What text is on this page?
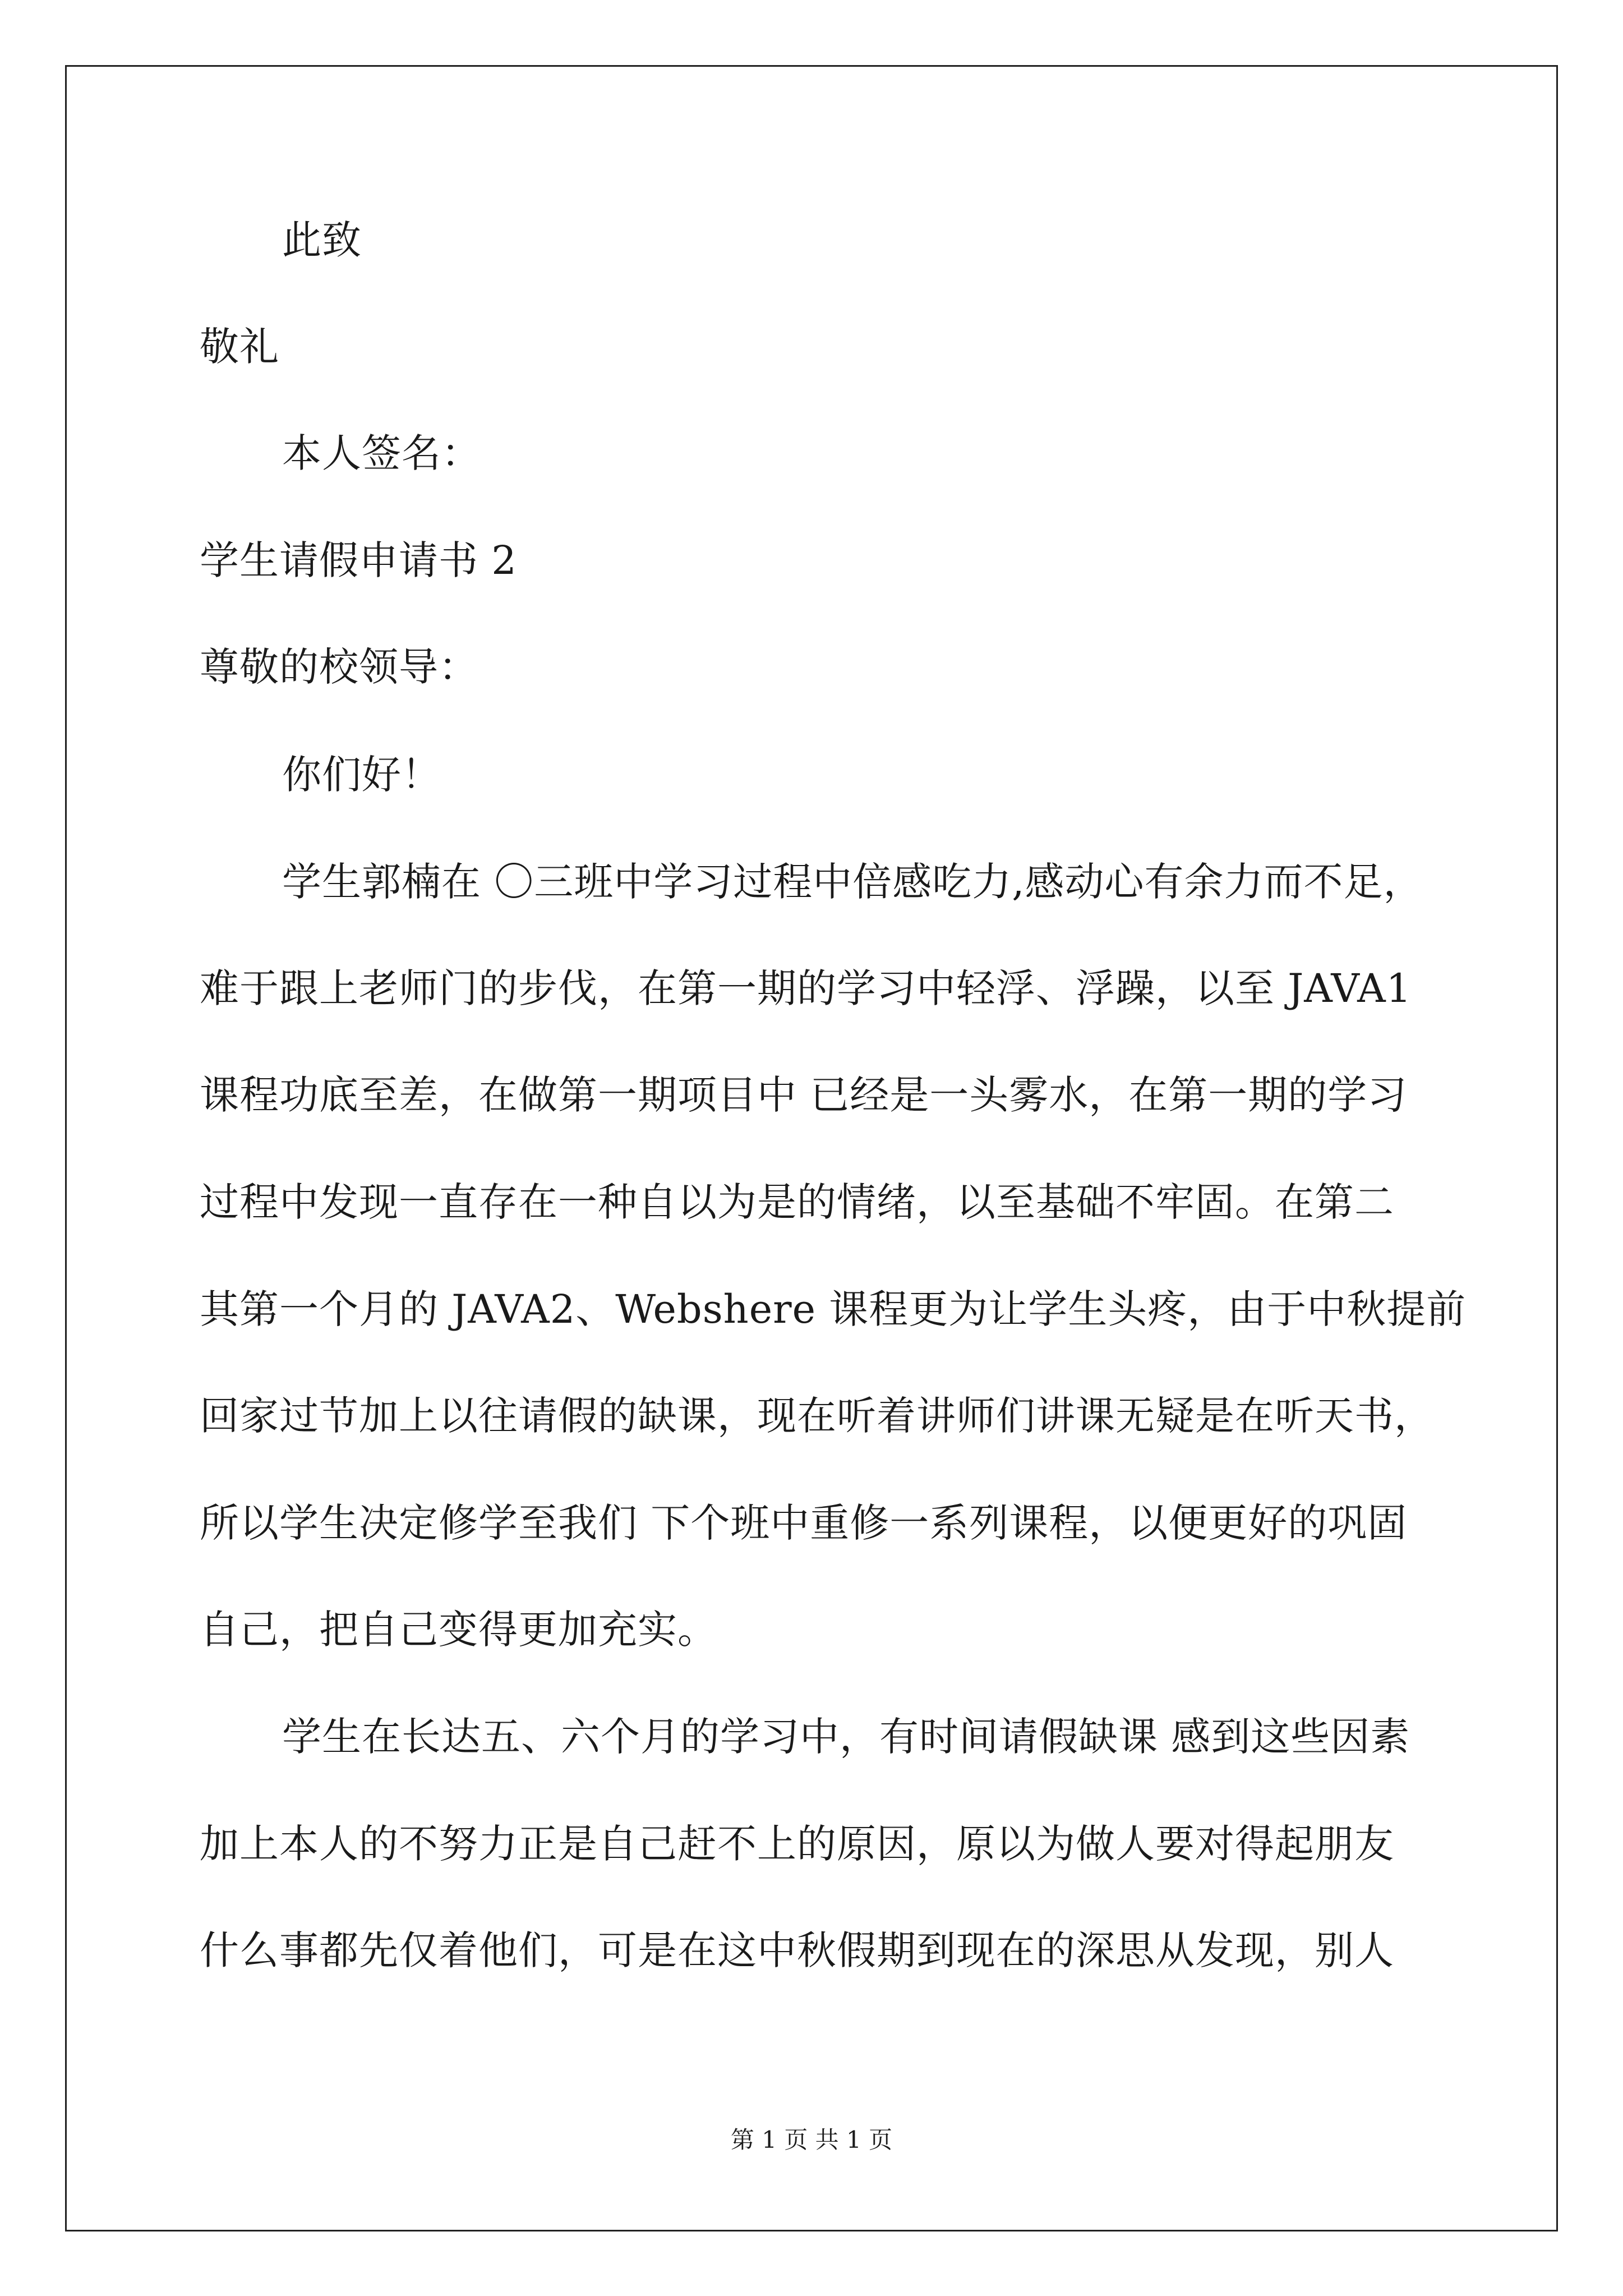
此致
敬礼
本人签名：
学生请假申请书 2
尊敬的校领导：
你们好！
学生郭楠在 〇三班中学习过程中倍感吃力,感动心有余力而不足，
难于跟上老师门的步伐，在第一期的学习中轻浮、浮躁，以至 JAVA1
课程功底至差，在做第一期项目中 已经是一头雾水，在第一期的学习
过程中发现一直存在一种自以为是的情绪，以至基础不牢固。在第二
其第一个月的 JAVA2、Webshere 课程更为让学生头疼，由于中秋提前
回家过节加上以往请假的缺课，现在听着讲师们讲课无疑是在听天书，
所以学生决定修学至我们 下个班中重修一系列课程，以便更好的巩固
自己，把自己变得更加充实。
学生在长达五、六个月的学习中，有时间请假缺课 感到这些因素
加上本人的不努力正是自己赶不上的原因，原以为做人要对得起朋友
什么事都先仅着他们，可是在这中秋假期到现在的深思从发现，别人
第 1 页 共 1 页
